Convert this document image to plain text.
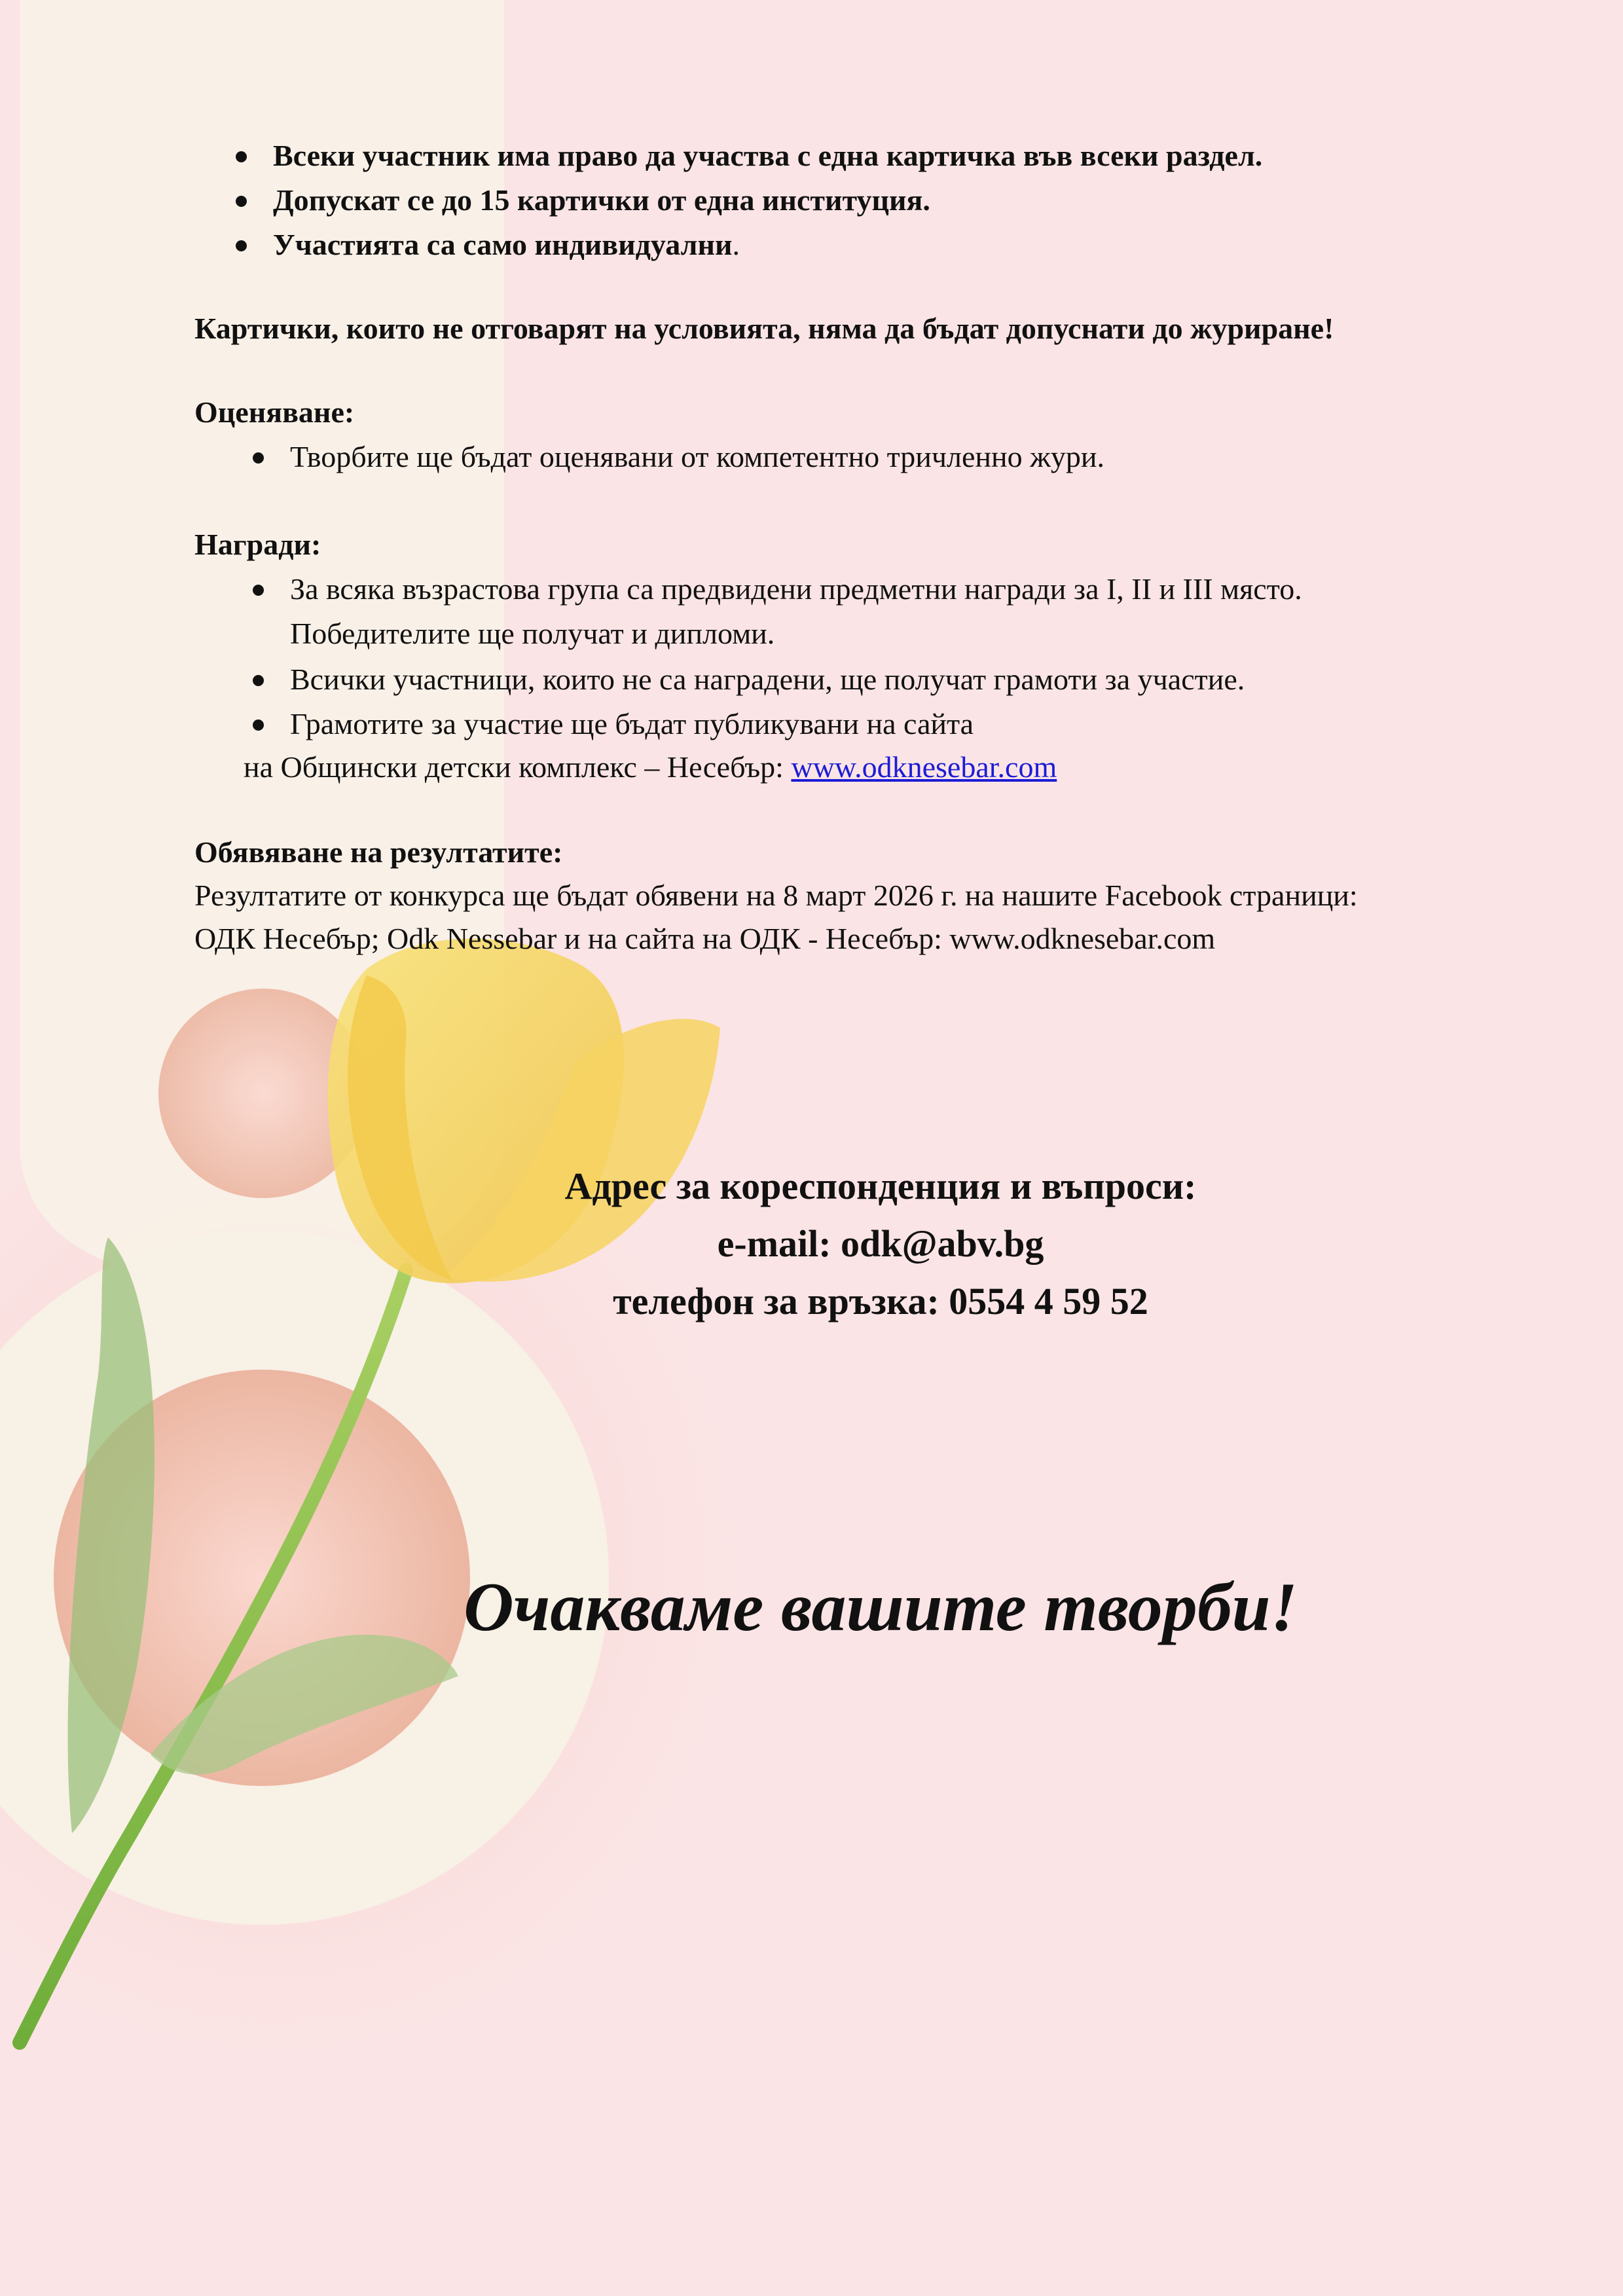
Всеки участник има право да участва с една картичка във всеки раздел.
Допускат се до 15 картички от една институция.
Участията са само индивидуални.

Картички, които не отговарят на условията, няма да бъдат допуснати до журиране!

Оценяване:

Творбите ще бъдат оценявани от компетентно тричленно жури.

Награди:

За всяка възрастова група са предвидени предметни награди за I, II и III място.
Победителите ще получат и дипломи.
Всички участници, които не са наградени, ще получат грамоти за участие.
Грамотите за участие ще бъдат публикувани на сайта

на Общински детски комплекс – Несебър: www.odknesebar.com

Обявяване на резултатите:

Резултатите от конкурса ще бъдат обявени на 8 март 2026 г. на нашите Facebook страници:

ОДК Несебър; Odk Nessebar и на сайта на ОДК - Несебър: www.odknesebar.com

Адрес за кореспонденция и въпроси:
e-mail: odk@abv.bg
телефон за връзка: 0554 4 59 52
Очакваме вашите творби!
